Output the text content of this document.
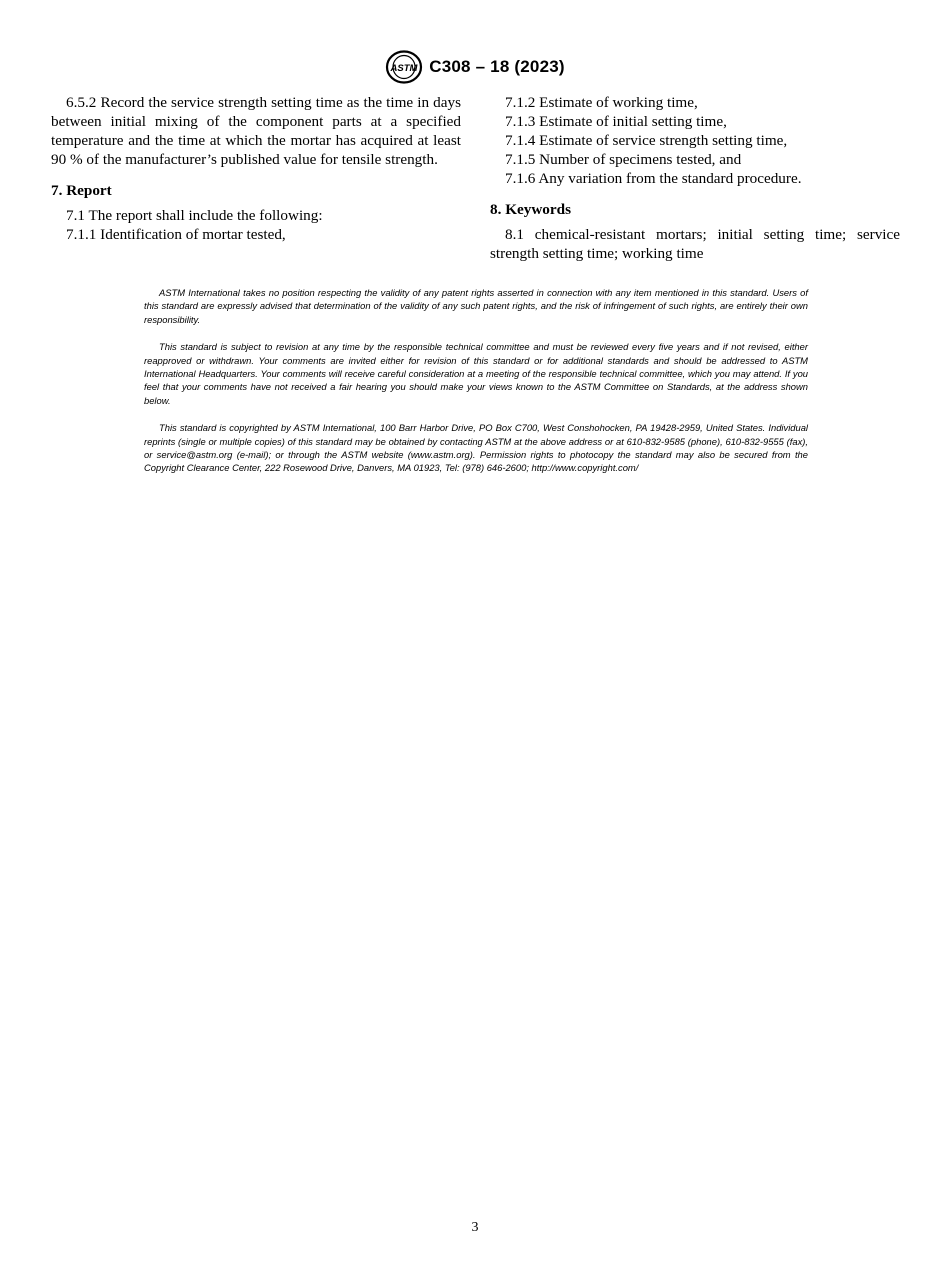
ASTM C308 – 18 (2023)

6.5.2 Record the service strength setting time as the time in days between initial mixing of the component parts at a specified temperature and the time at which the mortar has acquired at least 90 % of the manufacturer’s published value for tensile strength.

7. Report

7.1 The report shall include the following:

7.1.1 Identification of mortar tested,

7.1.2 Estimate of working time,

7.1.3 Estimate of initial setting time,

7.1.4 Estimate of service strength setting time,

7.1.5 Number of specimens tested, and

7.1.6 Any variation from the standard procedure.

8. Keywords

8.1 chemical-resistant mortars; initial setting time; service strength setting time; working time

ASTM International takes no position respecting the validity of any patent rights asserted in connection with any item mentioned in this standard. Users of this standard are expressly advised that determination of the validity of any such patent rights, and the risk of infringement of such rights, are entirely their own responsibility.

This standard is subject to revision at any time by the responsible technical committee and must be reviewed every five years and if not revised, either reapproved or withdrawn. Your comments are invited either for revision of this standard or for additional standards and should be addressed to ASTM International Headquarters. Your comments will receive careful consideration at a meeting of the responsible technical committee, which you may attend. If you feel that your comments have not received a fair hearing you should make your views known to the ASTM Committee on Standards, at the address shown below.

This standard is copyrighted by ASTM International, 100 Barr Harbor Drive, PO Box C700, West Conshohocken, PA 19428-2959, United States. Individual reprints (single or multiple copies) of this standard may be obtained by contacting ASTM at the above address or at 610-832-9585 (phone), 610-832-9555 (fax), or service@astm.org (e-mail); or through the ASTM website (www.astm.org). Permission rights to photocopy the standard may also be secured from the Copyright Clearance Center, 222 Rosewood Drive, Danvers, MA 01923, Tel: (978) 646-2600; http://www.copyright.com/

3
